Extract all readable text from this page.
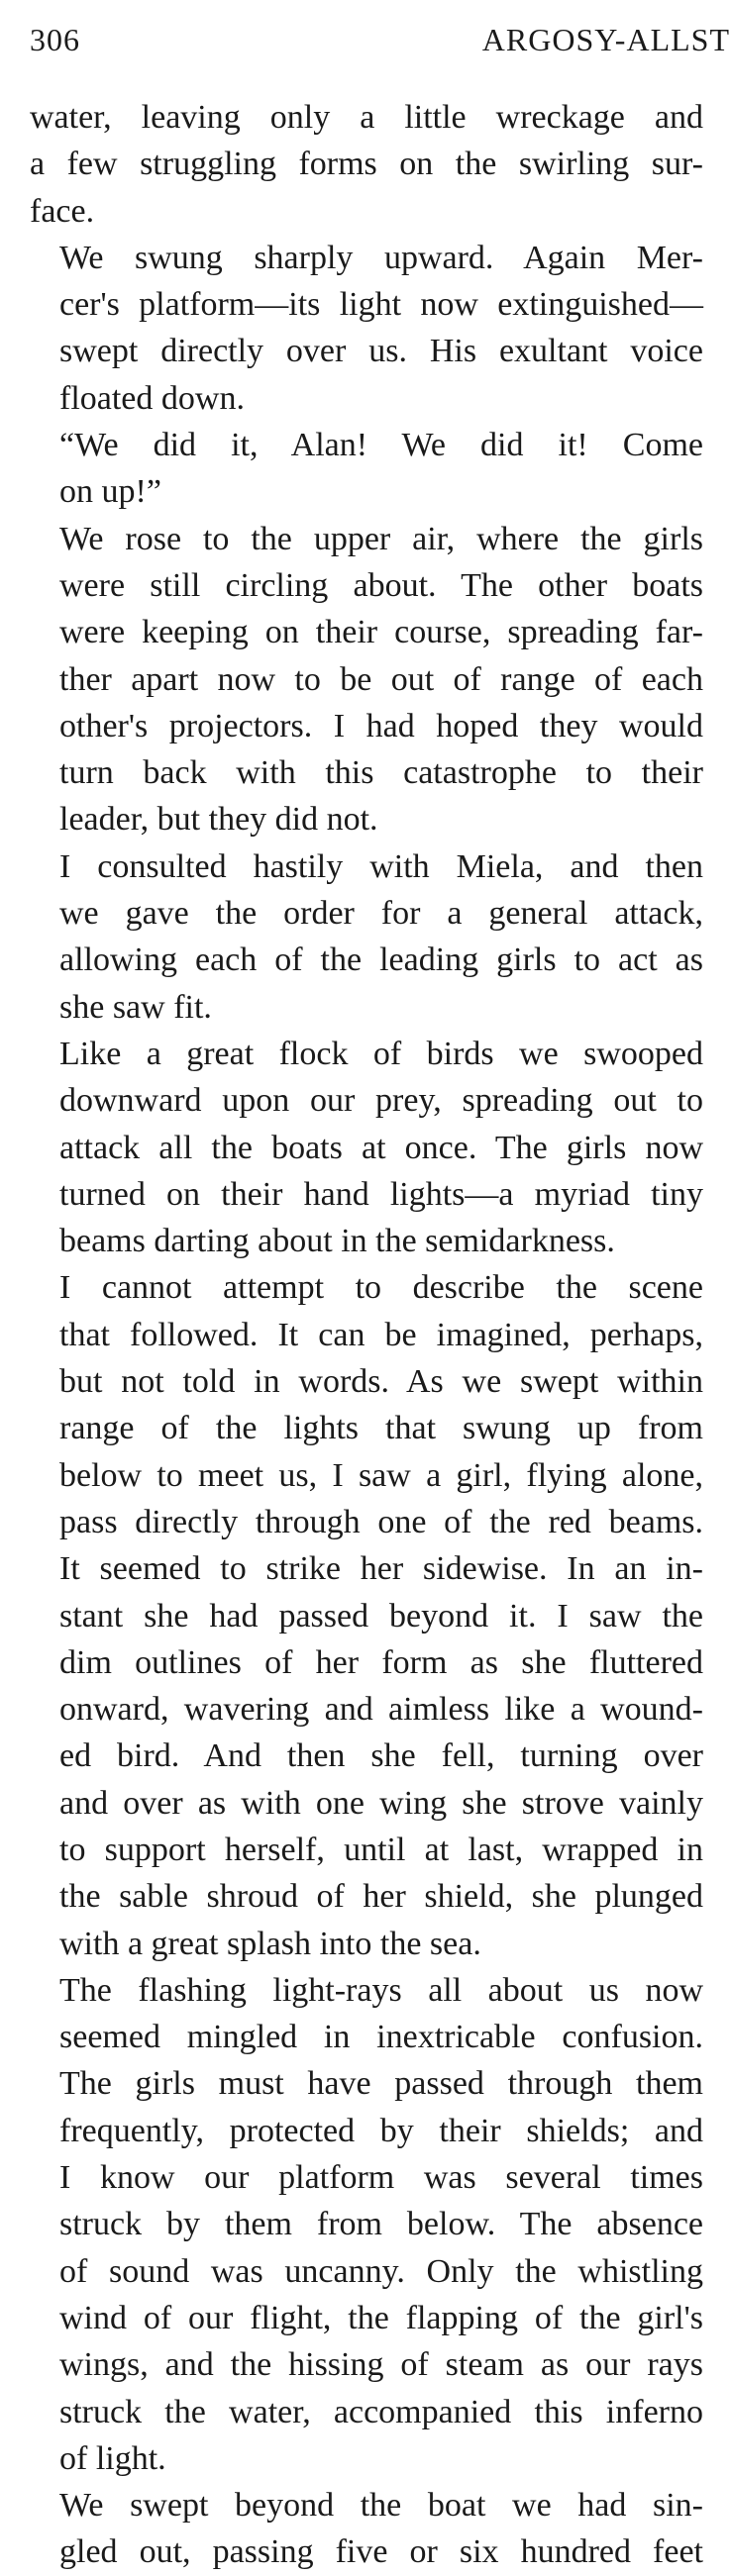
306	ARGOSY-ALLST

water, leaving only a little wreckage and
a few struggling forms on the swirling sur-
face.

We swung sharply upward. Again Mer-
cer's platform—its light now extinguished—
swept directly over us. His exultant voice
floated down.

“We did it, Alan! We did it! Come
on up!”

We rose to the upper air, where the girls
were still circling about. The other boats
were keeping on their course, spreading far-
ther apart now to be out of range of each
other's projectors. I had hoped they would
turn back with this catastrophe to their
leader, but they did not.

I consulted hastily with Miela, and then
we gave the order for a general attack,
allowing each of the leading girls to act as
she saw fit.

Like a great flock of birds we swooped
downward upon our prey, spreading out to
attack all the boats at once. The girls now
turned on their hand lights—a myriad tiny
beams darting about in the semidarkness.

I cannot attempt to describe the scene
that followed. It can be imagined, perhaps,
but not told in words. As we swept within
range of the lights that swung up from
below to meet us, I saw a girl, flying alone,
pass directly through one of the red beams.
It seemed to strike her sidewise. In an in-
stant she had passed beyond it. I saw the
dim outlines of her form as she fluttered
onward, wavering and aimless like a wound-
ed bird. And then she fell, turning over
and over as with one wing she strove vainly
to support herself, until at last, wrapped in
the sable shroud of her shield, she plunged
with a great splash into the sea.

The flashing light-rays all about us now
seemed mingled in inextricable confusion.
The girls must have passed through them
frequently, protected by their shields; and
I know our platform was several times
struck by them from below. The absence
of sound was uncanny. Only the whistling
wind of our flight, the flapping of the girl's
wings, and the hissing of steam as our rays
struck the water, accompanied this inferno
of light.

We swept beyond the boat we had sin-
gled out, passing five or six hundred feet
